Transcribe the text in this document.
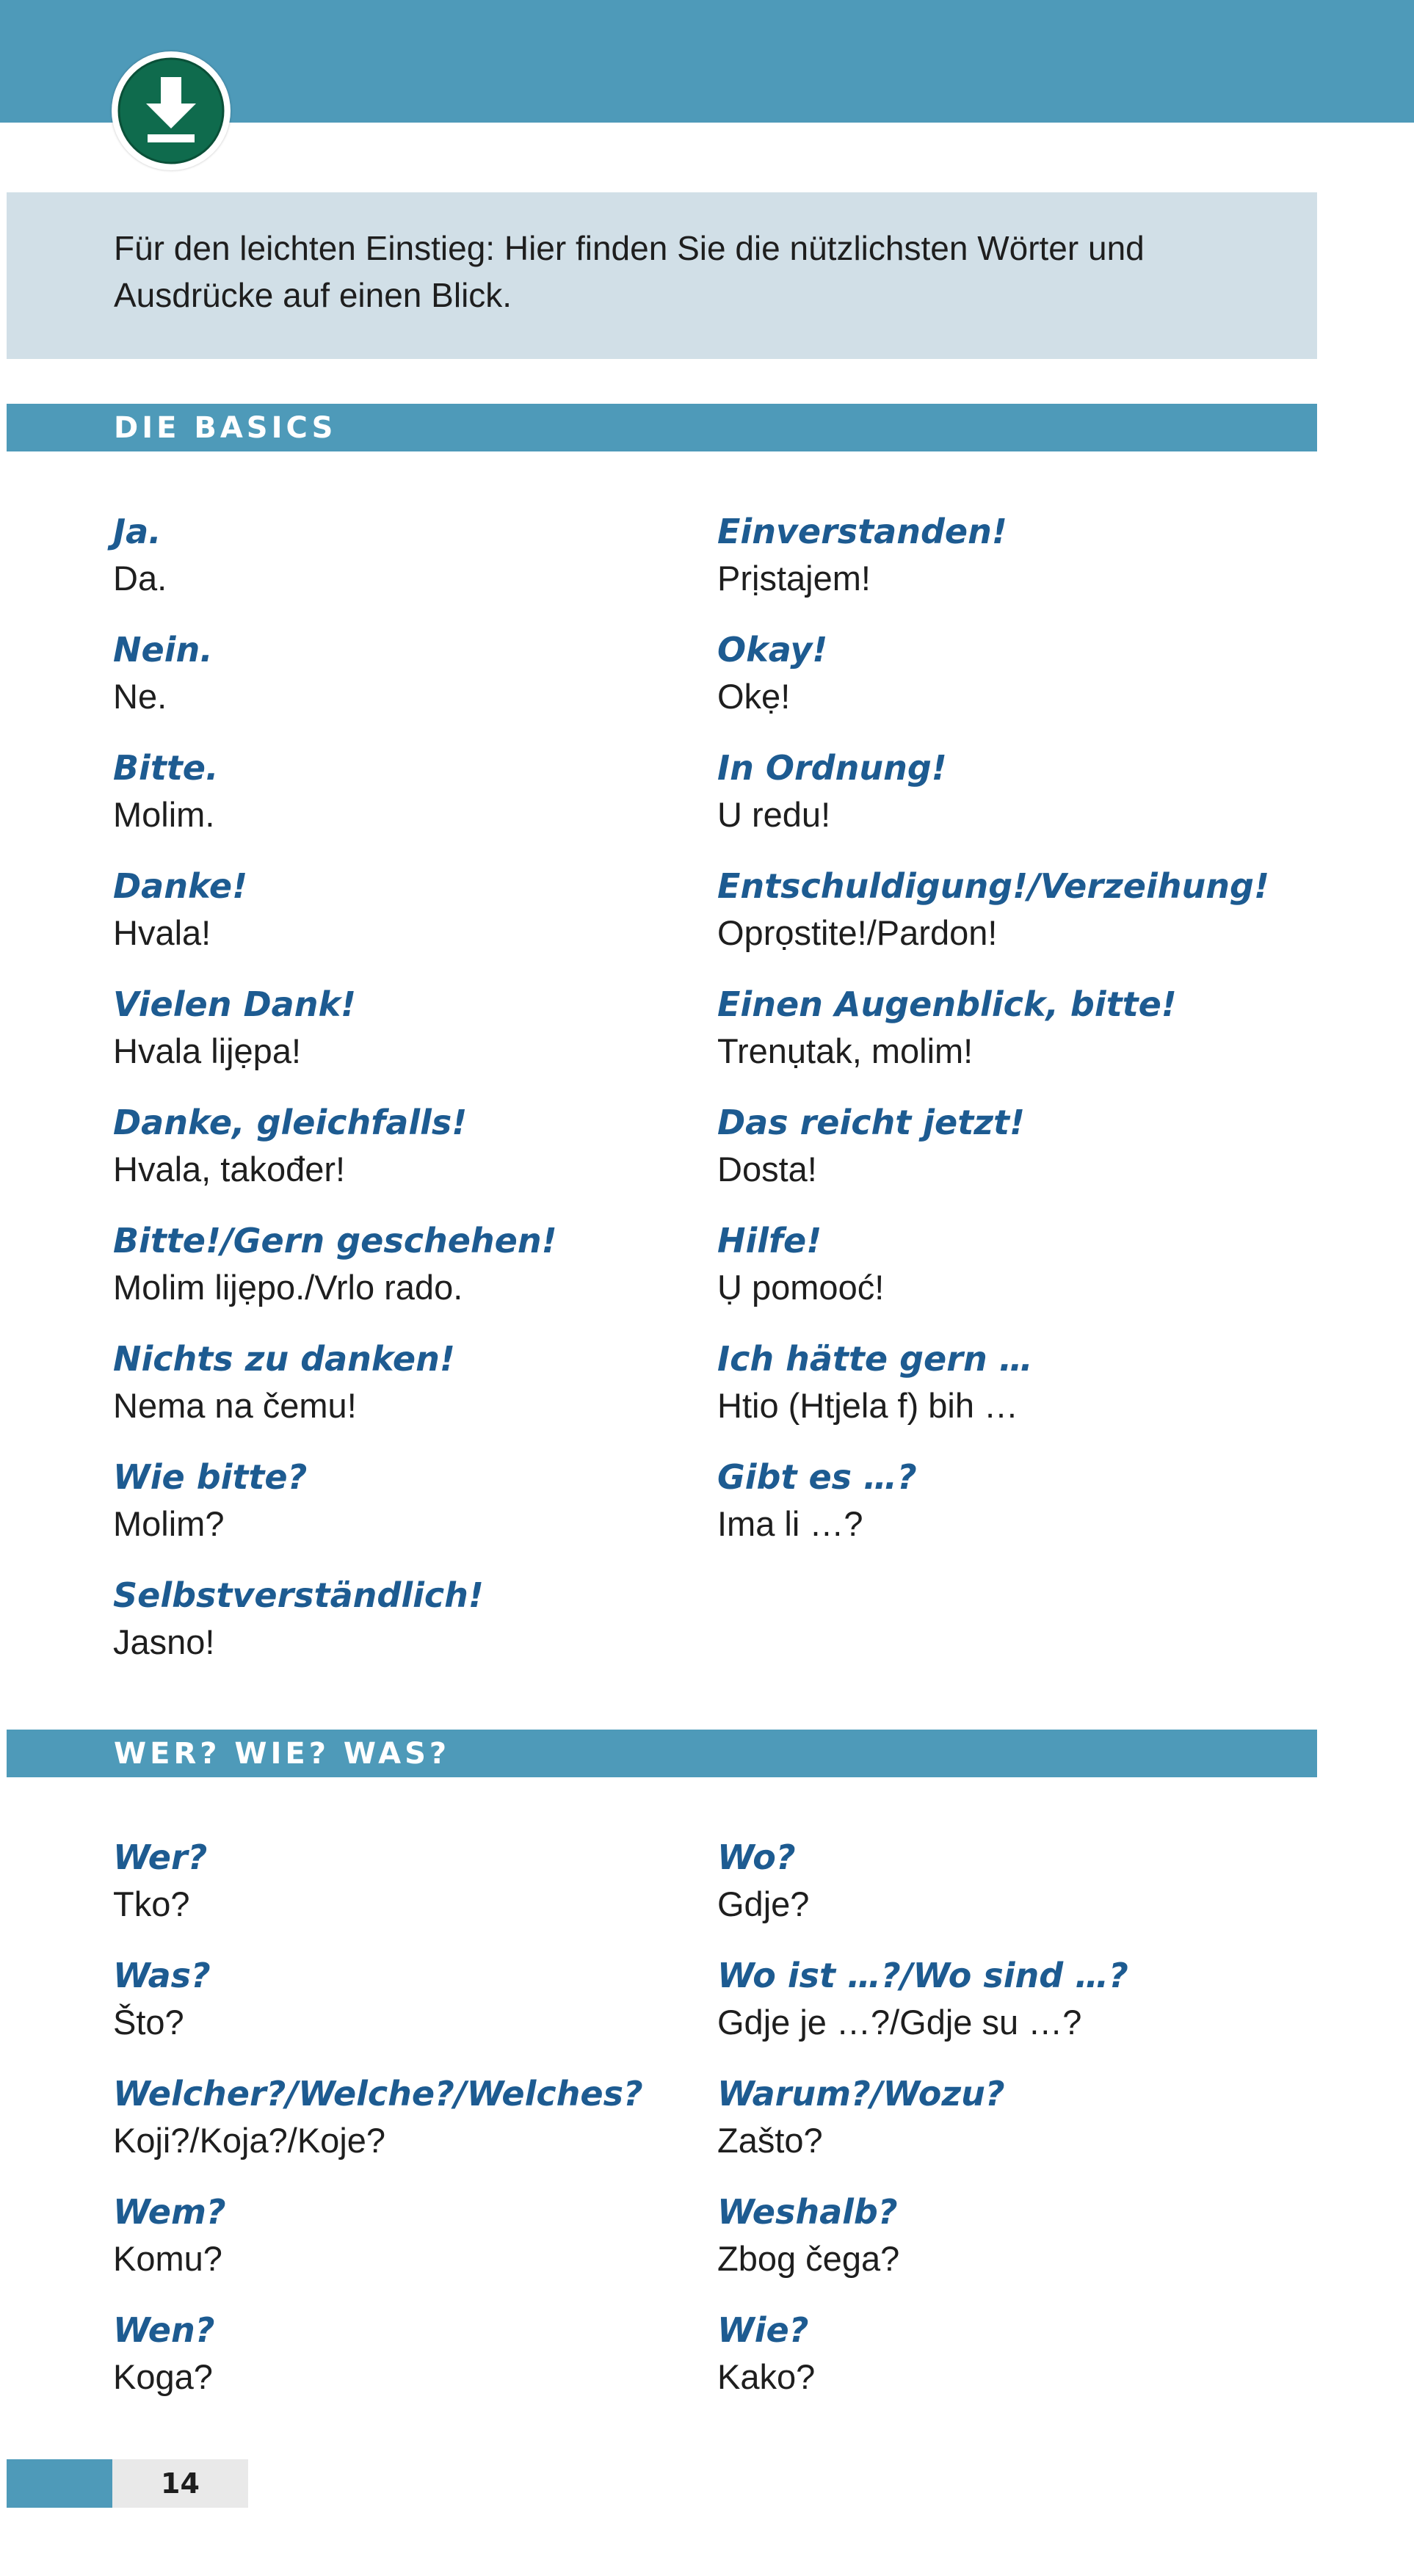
Für den leichten Einstieg: Hier finden Sie die nützlichsten Wörter und Ausdrücke auf einen Blick.

DIE BASICS
Ja.
Da.
Nein.
Ne.
Bitte.
Molim.
Danke!
Hvala!
Vielen Dank!
Hvala lijẹpa!
Danke, gleichfalls!
Hvala, također!
Bitte!/Gern geschehen!
Molim lijẹpo./Vrlo rado.
Nichts zu danken!
Nema na čemu!
Wie bitte?
Molim?
Selbstverständlich!
Jasno!
Einverstanden!
Prịstajem!
Okay!
Okẹ!
In Ordnung!
U redu!
Entschuldigung!/Verzeihung!
Oprọstite!/Pardon!
Einen Augenblick, bitte!
Trenụtak, molim!
Das reicht jetzt!
Dosta!
Hilfe!
Ụ pomooć!
Ich hätte gern …
Htio (Htjela f) bih …
Gibt es …?
Ima li …?
WER? WIE? WAS?
Wer?
Tko?
Was?
Što?
Welcher?/Welche?/Welches?
Koji?/Koja?/Koje?
Wem?
Komu?
Wen?
Koga?
Wo?
Gdje?
Wo ist …?/Wo sind …?
Gdje je …?/Gdje su …?
Warum?/Wozu?
Zašto?
Weshalb?
Zbog čega?
Wie?
Kako?
14
